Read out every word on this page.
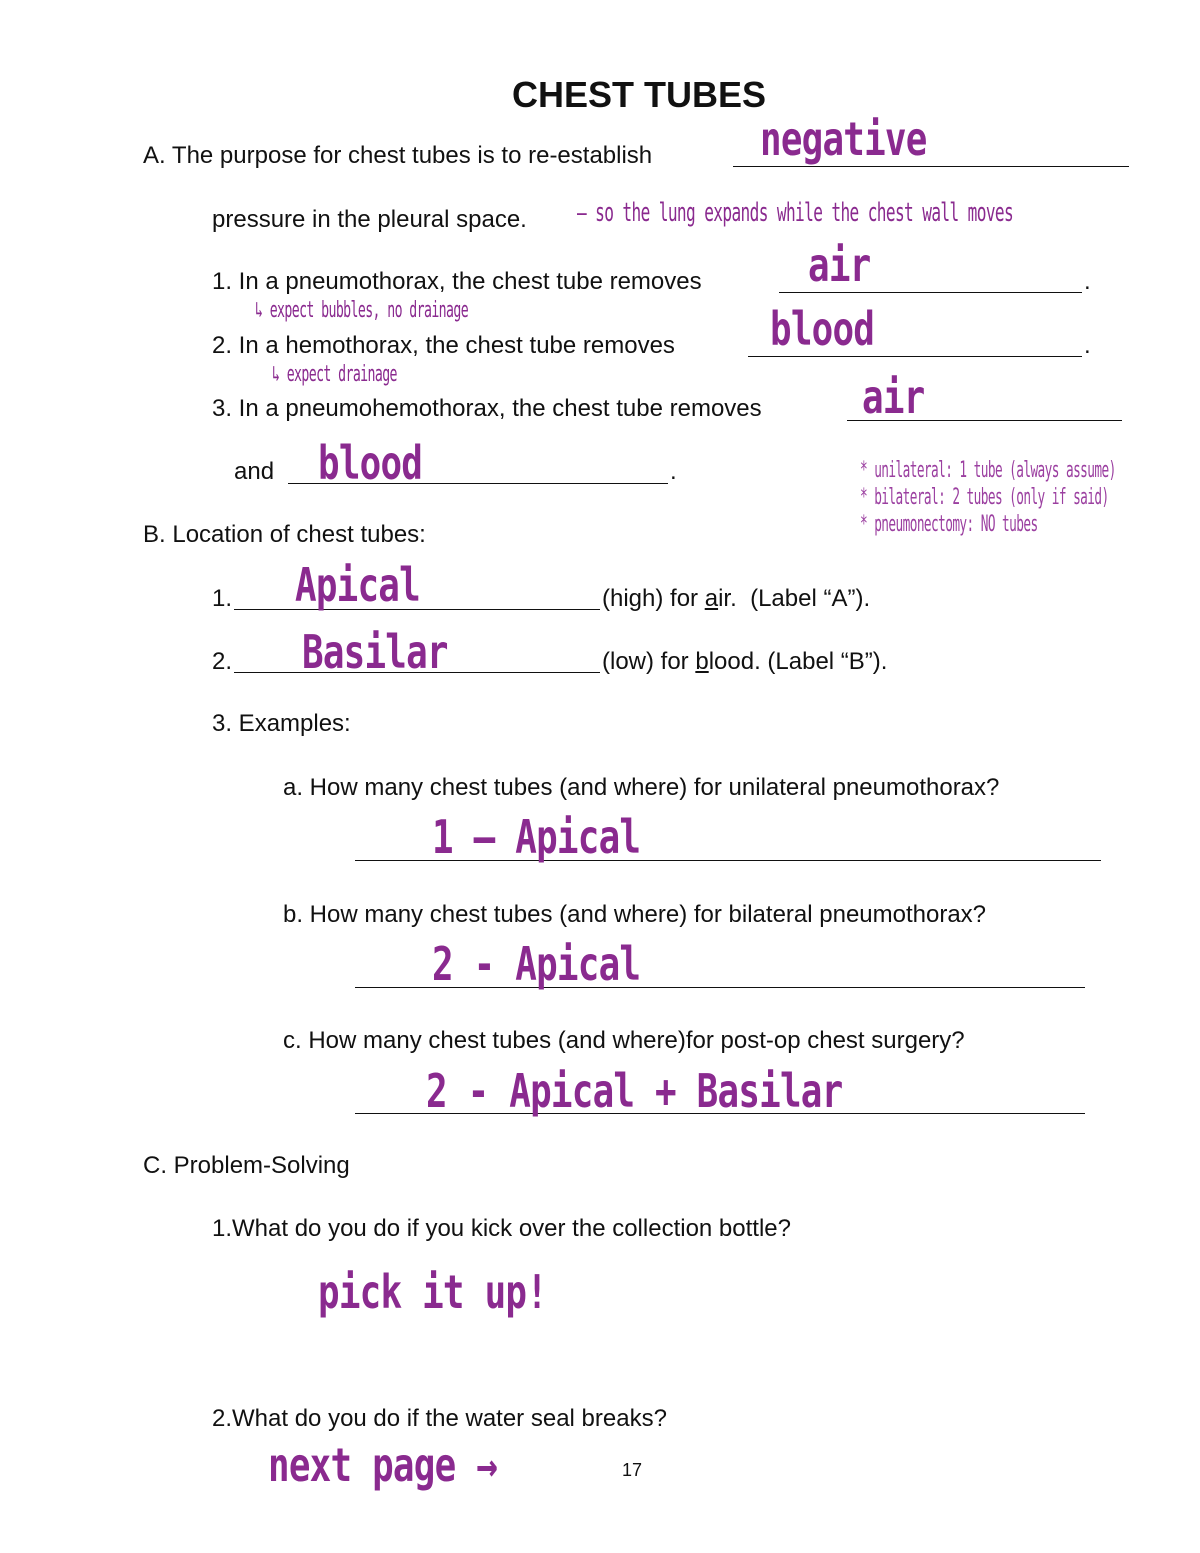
CHEST TUBES
A. The purpose for chest tubes is to re-establish negative
pressure in the pleural space. – so the lung expands while the chest wall moves
1. In a pneumothorax, the chest tube removes	.
air
↳ expect bubbles, no drainage
2. In a hemothorax, the chest tube removes	.
blood
↳ expect drainage
3. In a pneumohemothorax, the chest tube removes air
and	.
blood	* unilateral: 1 tube (always assume)
* bilateral: 2 tubes (only if said)
* pneumonectomy: NO tubes
B. Location of chest tubes:
1. Apical	(high) for air. (Label “A”).
2. Basilar	(low) for blood. (Label “B”).
3. Examples:
a. How many chest tubes (and where) for unilateral pneumothorax?
1 – Apical
b. How many chest tubes (and where) for bilateral pneumothorax?
2 - Apical
c. How many chest tubes (and where)for post-op chest surgery?
2 - Apical + Basilar
C. Problem-Solving
1.What do you do if you kick over the collection bottle?
pick it up!
2.What do you do if the water seal breaks?
next page →	17
